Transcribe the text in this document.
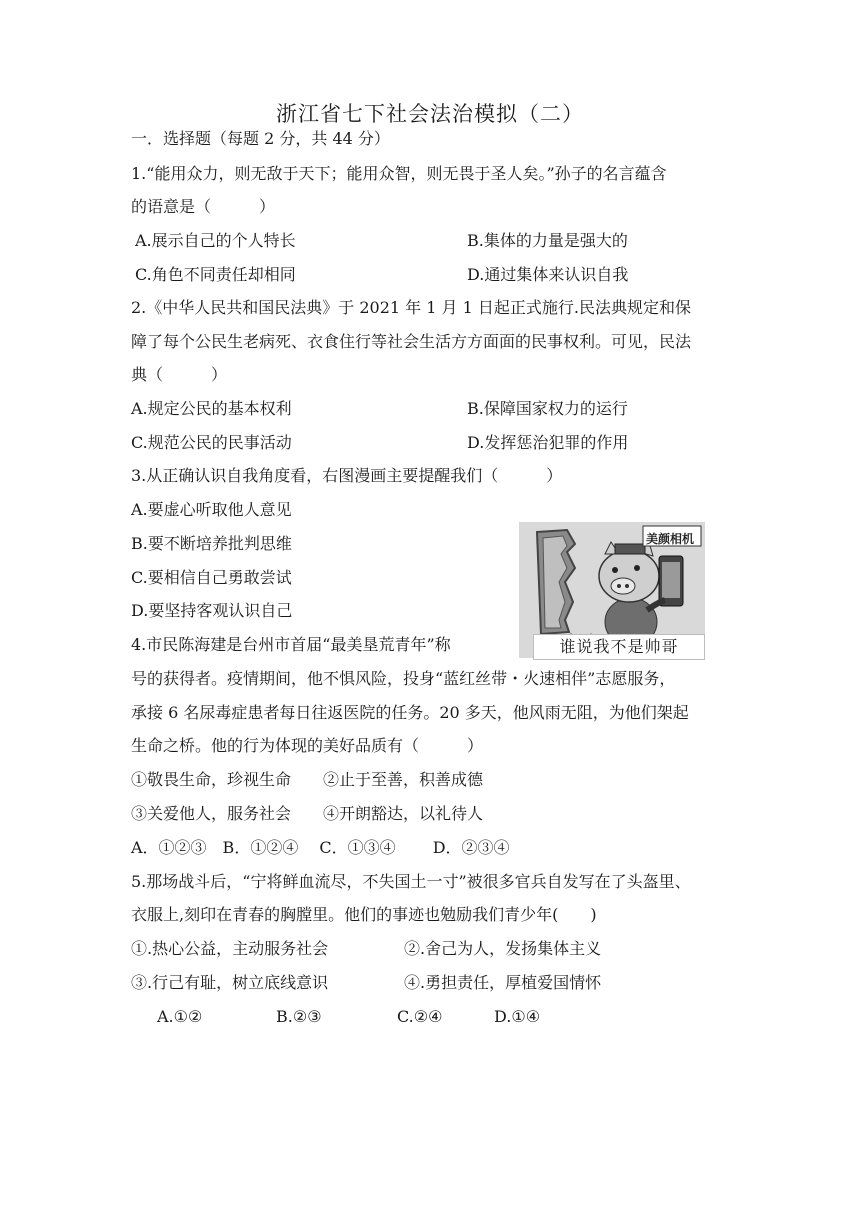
浙江省七下社会法治模拟（二）
一．选择题（每题 2 分，共 44 分）
1.“能用众力，则无敌于天下；能用众智，则无畏于圣人矣。”孙子的名言蕴含
的语意是（　　　）
A.展示自己的个人特长	B.集体的力量是强大的
C.角色不同责任却相同	D.通过集体来认识自我
2.《中华人民共和国民法典》于 2021 年 1 月 1 日起正式施行.民法典规定和保
障了每个公民生老病死、衣食住行等社会生活方方面面的民事权利。可见，民法
典（　　　）
A.规定公民的基本权利	B.保障国家权力的运行
C.规范公民的民事活动	D.发挥惩治犯罪的作用
3.从正确认识自我角度看，右图漫画主要提醒我们（　　　）
A.要虚心听取他人意见
B.要不断培养批判思维
C.要相信自己勇敢尝试
D.要坚持客观认识自己
美颜相机
谁说我不是帅哥
4.市民陈海建是台州市首届“最美垦荒青年”称
号的获得者。疫情期间，他不惧风险，投身“蓝红丝带・火速相伴”志愿服务，
承接 6 名尿毒症患者每日往返医院的任务。20 多天，他风雨无阻，为他们架起
生命之桥。他的行为体现的美好品质有（　　　）
①敬畏生命，珍视生命　　②止于至善，积善成德
③关爱他人，服务社会　　④开朗豁达，以礼待人
A．①②③　B．①②④　 C．①③④　　 D．②③④
5.那场战斗后，“宁将鲜血流尽，不失国土一寸”被很多官兵自发写在了头盔里、
衣服上,刻印在青春的胸膛里。他们的事迹也勉励我们青少年(　　)
①.热心公益，主动服务社会	②.舍己为人，发扬集体主义
③.行己有耻，树立底线意识	④.勇担责任，厚植爱国情怀
A.①②	B.②③	C.②④	D.①④
